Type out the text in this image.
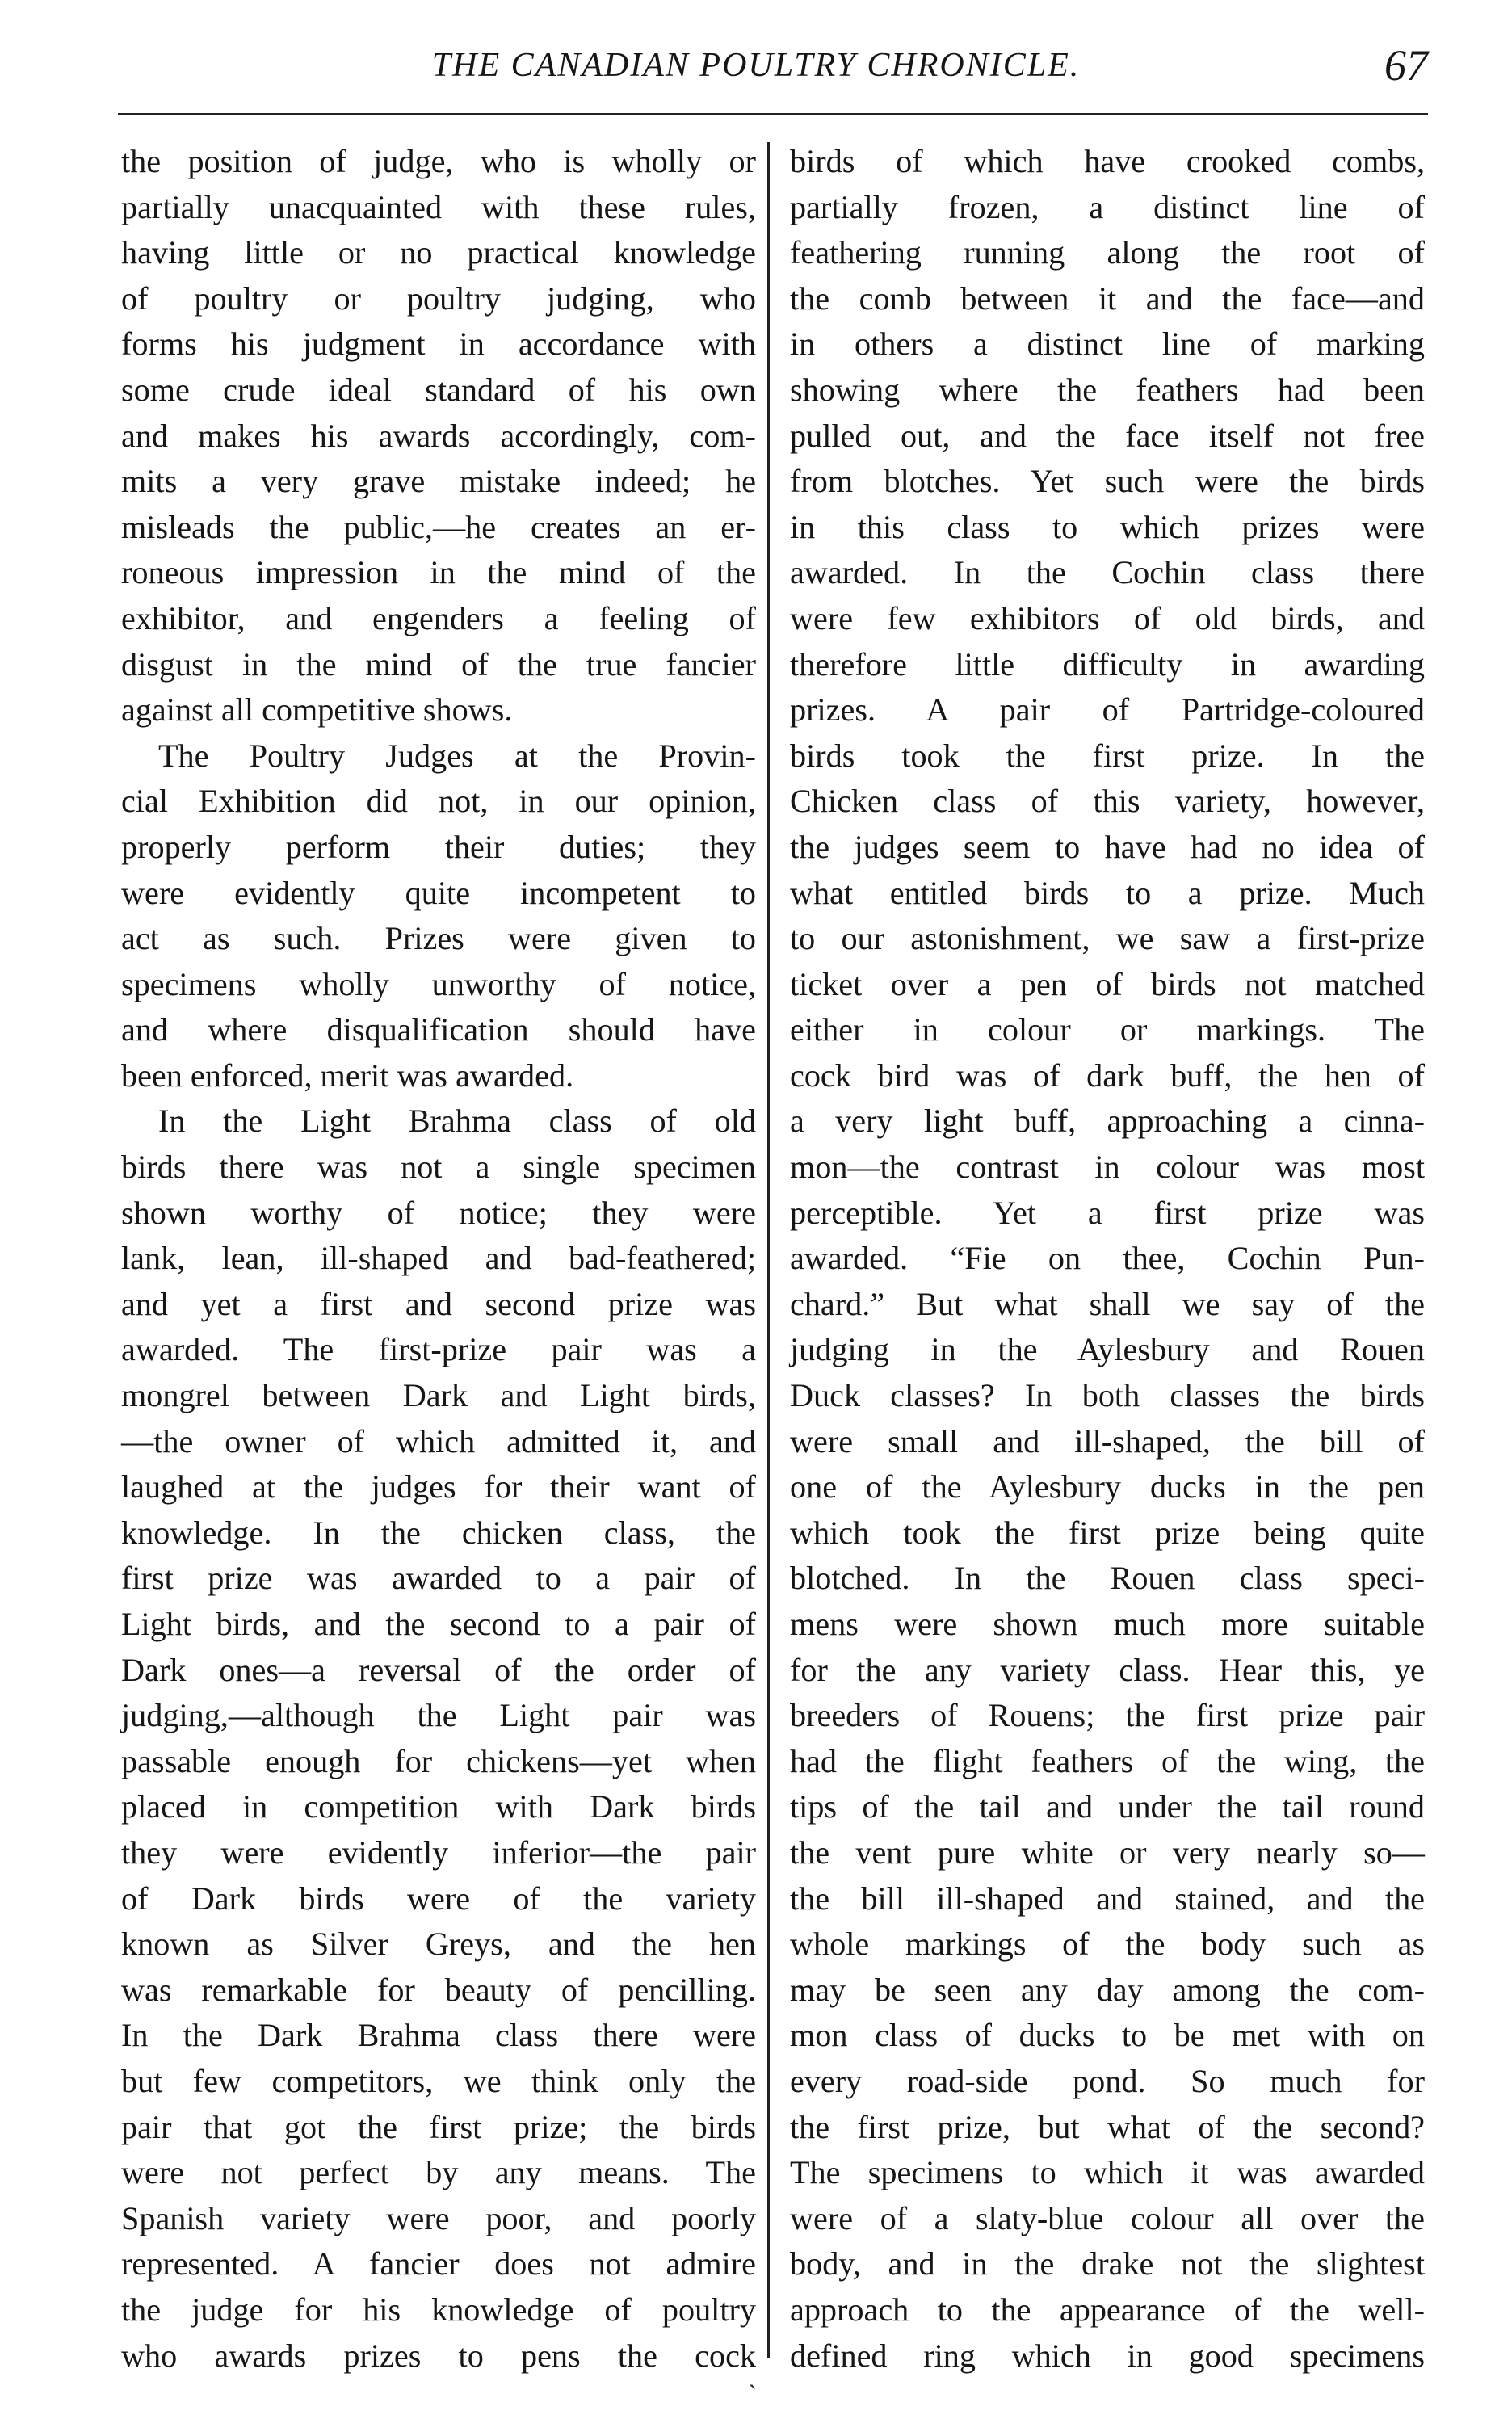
THE CANADIAN POULTRY CHRONICLE.	67
the position of judge, who is wholly or
partially unacquainted with these rules,
having little or no practical knowledge
of poultry or poultry judging, who
forms his judgment in accordance with
some crude ideal standard of his own
and makes his awards accordingly, com-
mits a very grave mistake indeed; he
misleads the public,—he creates an er-
roneous impression in the mind of the
exhibitor, and engenders a feeling of
disgust in the mind of the true fancier
against all competitive shows.
The Poultry Judges at the Provin-
cial Exhibition did not, in our opinion,
properly perform their duties; they
were evidently quite incompetent to
act as such. Prizes were given to
specimens wholly unworthy of notice,
and where disqualification should have
been enforced, merit was awarded.
In the Light Brahma class of old
birds there was not a single specimen
shown worthy of notice; they were
lank, lean, ill-shaped and bad-feathered;
and yet a first and second prize was
awarded. The first-prize pair was a
mongrel between Dark and Light birds,
—the owner of which admitted it, and
laughed at the judges for their want of
knowledge. In the chicken class, the
first prize was awarded to a pair of
Light birds, and the second to a pair of
Dark ones—a reversal of the order of
judging,—although the Light pair was
passable enough for chickens—yet when
placed in competition with Dark birds
they were evidently inferior—the pair
of Dark birds were of the variety
known as Silver Greys, and the hen
was remarkable for beauty of pencilling.
In the Dark Brahma class there were
but few competitors, we think only the
pair that got the first prize; the birds
were not perfect by any means. The
Spanish variety were poor, and poorly
represented. A fancier does not admire
the judge for his knowledge of poultry
who awards prizes to pens the cock
birds of which have crooked combs,
partially frozen, a distinct line of
feathering running along the root of
the comb between it and the face—and
in others a distinct line of marking
showing where the feathers had been
pulled out, and the face itself not free
from blotches. Yet such were the birds
in this class to which prizes were
awarded. In the Cochin class there
were few exhibitors of old birds, and
therefore little difficulty in awarding
prizes. A pair of Partridge-coloured
birds took the first prize. In the
Chicken class of this variety, however,
the judges seem to have had no idea of
what entitled birds to a prize. Much
to our astonishment, we saw a first-prize
ticket over a pen of birds not matched
either in colour or markings. The
cock bird was of dark buff, the hen of
a very light buff, approaching a cinna-
mon—the contrast in colour was most
perceptible. Yet a first prize was
awarded. “Fie on thee, Cochin Pun-
chard.” But what shall we say of the
judging in the Aylesbury and Rouen
Duck classes? In both classes the birds
were small and ill-shaped, the bill of
one of the Aylesbury ducks in the pen
which took the first prize being quite
blotched. In the Rouen class speci-
mens were shown much more suitable
for the any variety class. Hear this, ye
breeders of Rouens; the first prize pair
had the flight feathers of the wing, the
tips of the tail and under the tail round
the vent pure white or very nearly so—
the bill ill-shaped and stained, and the
whole markings of the body such as
may be seen any day among the com-
mon class of ducks to be met with on
every road-side pond. So much for
the first prize, but what of the second?
The specimens to which it was awarded
were of a slaty-blue colour all over the
body, and in the drake not the slightest
approach to the appearance of the well-
defined ring which in good specimens
`
